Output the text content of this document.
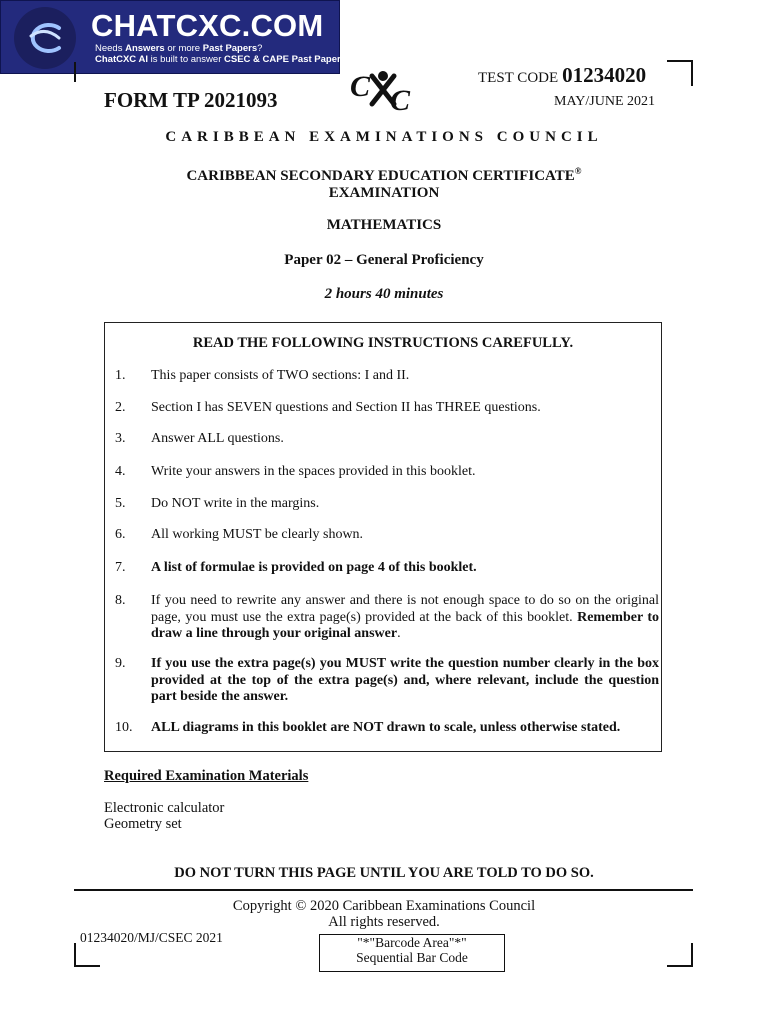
CHATCXC.COM
Needs Answers or more Past Papers?
ChatCXC AI is built to answer CSEC & CAPE Past Papers.
FORM TP 2021093 C C
TEST CODE 01234020
MAY/JUNE 2021
CARIBBEAN EXAMINATIONS COUNCIL
CARIBBEAN SECONDARY EDUCATION CERTIFICATE®
EXAMINATION
MATHEMATICS
Paper 02 – General Proficiency
2 hours 40 minutes
READ THE FOLLOWING INSTRUCTIONS CAREFULLY.
1.	This paper consists of TWO sections: I and II.
2.	Section I has SEVEN questions and Section II has THREE questions.
3.	Answer ALL questions.
4.	Write your answers in the spaces provided in this booklet.
5.	Do NOT write in the margins.
6.	All working MUST be clearly shown.
7.	A list of formulae is provided on page 4 of this booklet.
8.	If you need to rewrite any answer and there is not enough space to do so on the original page, you must use the extra page(s) provided at the back of this booklet. Remember to draw a line through your original answer.
9.	If you use the extra page(s) you MUST write the question number clearly in the box provided at the top of the extra page(s) and, where relevant, include the question part beside the answer.
10.	ALL diagrams in this booklet are NOT drawn to scale, unless otherwise stated.
Required Examination Materials
Electronic calculator
Geometry set
DO NOT TURN THIS PAGE UNTIL YOU ARE TOLD TO DO SO.
Copyright © 2020 Caribbean Examinations Council
All rights reserved.
01234020/MJ/CSEC 2021	"*"Barcode Area"*"
Sequential Bar Code
